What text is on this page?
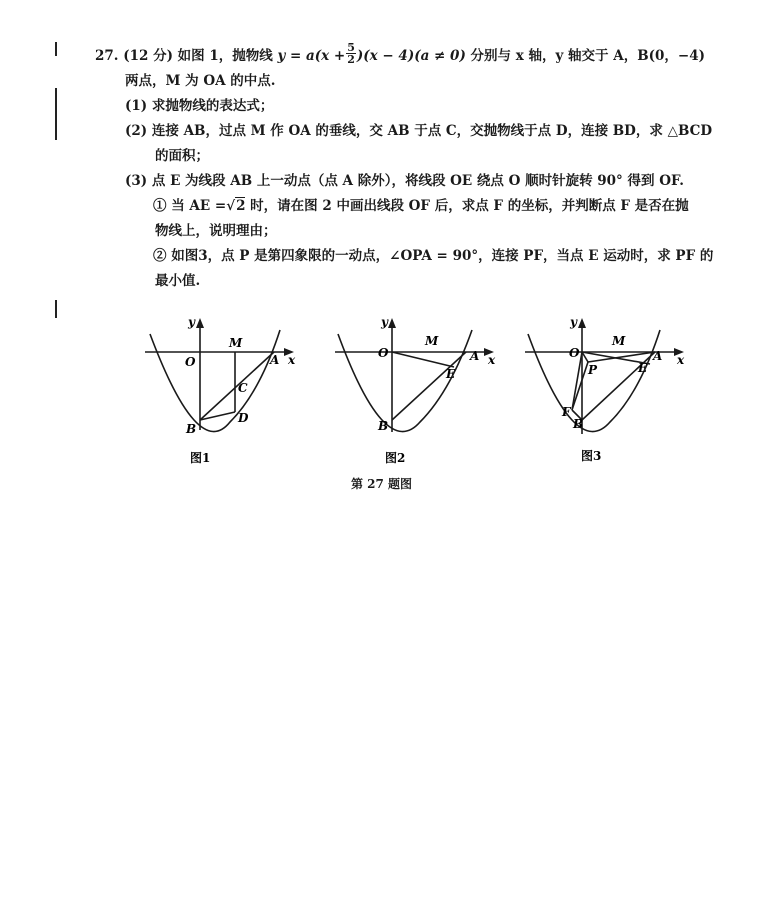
27. (12 分) 如图 1，抛物线 $y = a(x + \frac{5}{2} )(x - 4)(a \ne 0)$ 分别与 x 轴，y 轴交于 A，B(0，−4)
两点，M 为 OA 的中点.
(1) 求抛物线的表达式；
(2) 连接 AB，过点 M 作 OA 的垂线，交 AB 于点 C，交抛物线于点 D，连接 BD，求 △BCD
的面积；
(3) 点 E 为线段 AB 上一动点（点 A 除外），将线段 OE 绕点 O 顺时针旋转 90° 得到 OF.
① 当 AE =√2 时，请在图 2 中画出线段 OF 后，求点 F 的坐标，并判断点 F 是否在抛
物线上，说明理由；
② 如图3，点 P 是第四象限的一动点，∠OPA = 90°，连接 PF，当点 E 运动时，求 PF 的
最小值.
y
x
O
M
A
B
C
D
图1
y
x
O
M
A
B
E
图2
y
x
O
M
A
B
E
P
F
图3
第 27 题图
